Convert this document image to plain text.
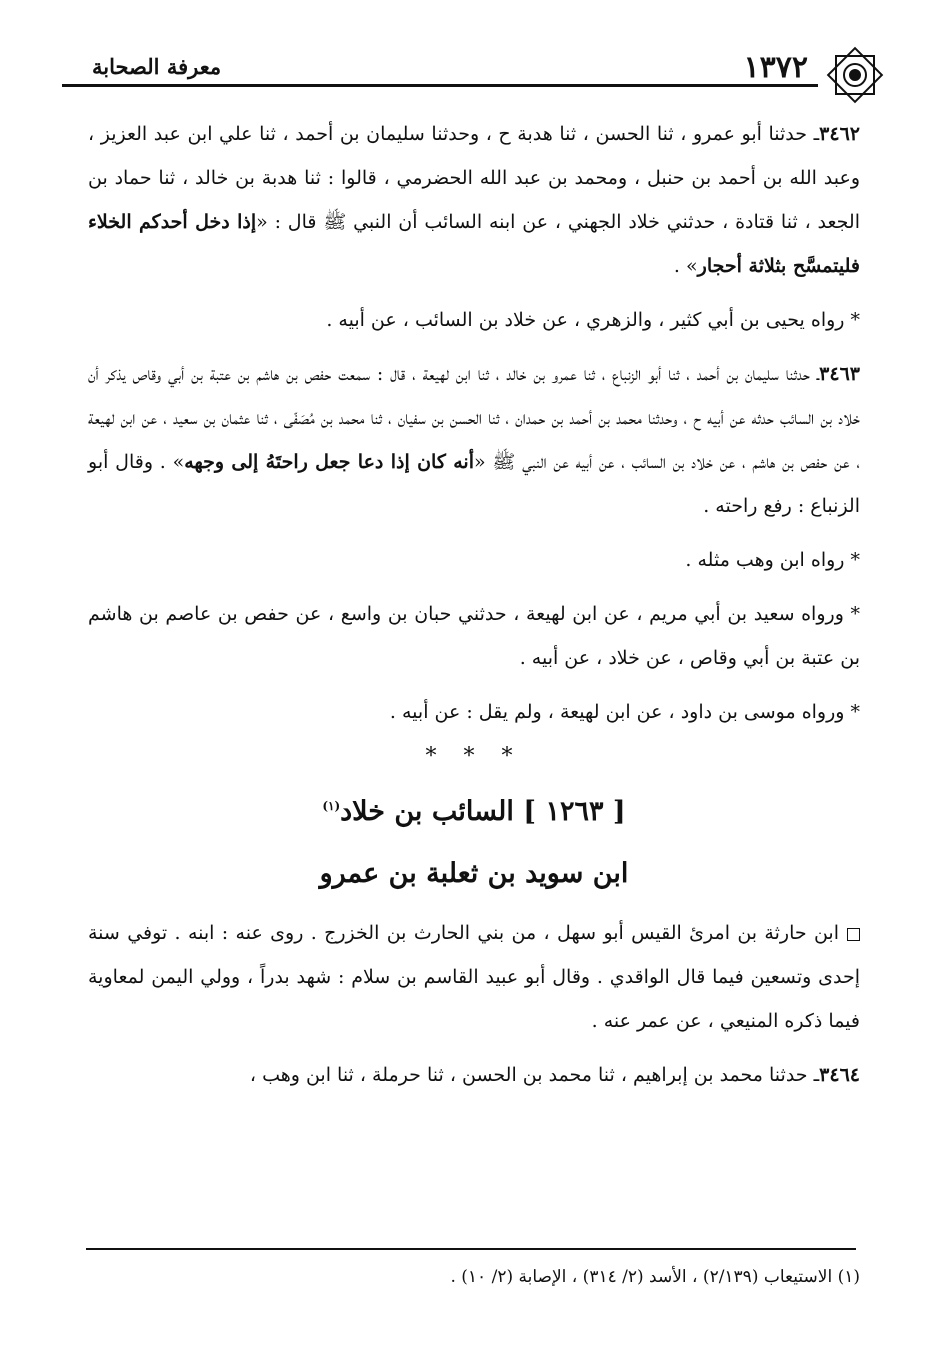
١٣٧٢
معرفة الصحابة

٣٤٦٢ـ حدثنا أبو عمرو ، ثنا الحسن ، ثنا هدبة ح ، وحدثنا سليمان بن أحمد ، ثنا علي ابن عبد العزيز ، وعبد الله بن أحمد بن حنبل ، ومحمد بن عبد الله الحضرمي ، قالوا : ثنا هدبة بن خالد ، ثنا حماد بن الجعد ، ثنا قتادة ، حدثني خلاد الجهني ، عن ابنه السائب أن النبي ﷺ قال : «إذا دخل أحدكم الخلاء فليتمسَّح بثلاثة أحجار» .

* رواه يحيى بن أبي كثير ، والزهري ، عن خلاد بن السائب ، عن أبيه .

٣٤٦٣ـ حدثنا سليمان بن أحمد ، ثنا أبو الزنباع ، ثنا عمرو بن خالد ، ثنا ابن لهيعة ، قال : سمعت حفص بن هاشم بن عتبة بن أبي وقاص يذكر أن خلاد بن السائب حدثه عن أبيه ح ، وحدثنا محمد بن أحمد بن حمدان ، ثنا الحسن بن سفيان ، ثنا محمد بن مُصَفّى ، ثنا عثمان بن سعيد ، عن ابن لهيعة ، عن حفص بن هاشم ، عن خلاد بن السائب ، عن أبيه عن النبي ﷺ «أنه كان إذا دعا جعل راحتَهُ إلى وجهه» . وقال أبو الزنباع : رفع راحته .

* رواه ابن وهب مثله .

* ورواه سعيد بن أبي مريم ، عن ابن لهيعة ، حدثني حبان بن واسع ، عن حفص بن عاصم بن هاشم بن عتبة بن أبي وقاص ، عن خلاد ، عن أبيه .

* ورواه موسى بن داود ، عن ابن لهيعة ، ولم يقل : عن أبيه .

* * *
[ ١٢٦٣ ] السائب بن خلاد$^{(١)}$
ابن سويد بن ثعلبة بن عمرو

ابن حارثة بن امرئ القيس أبو سهل ، من بني الحارث بن الخزرج . روى عنه : ابنه . توفي سنة إحدى وتسعين فيما قال الواقدي . وقال أبو عبيد القاسم بن سلام : شهد بدراً ، وولي اليمن لمعاوية فيما ذكره المنيعي ، عن عمر عنه .

٣٤٦٤ـ حدثنا محمد بن إبراهيم ، ثنا محمد بن الحسن ، ثنا حرملة ، ثنا ابن وهب ،

(١) الاستيعاب (٢/١٣٩) ، الأسد (٢/ ٣١٤) ، الإصابة (٢/ ١٠) .
